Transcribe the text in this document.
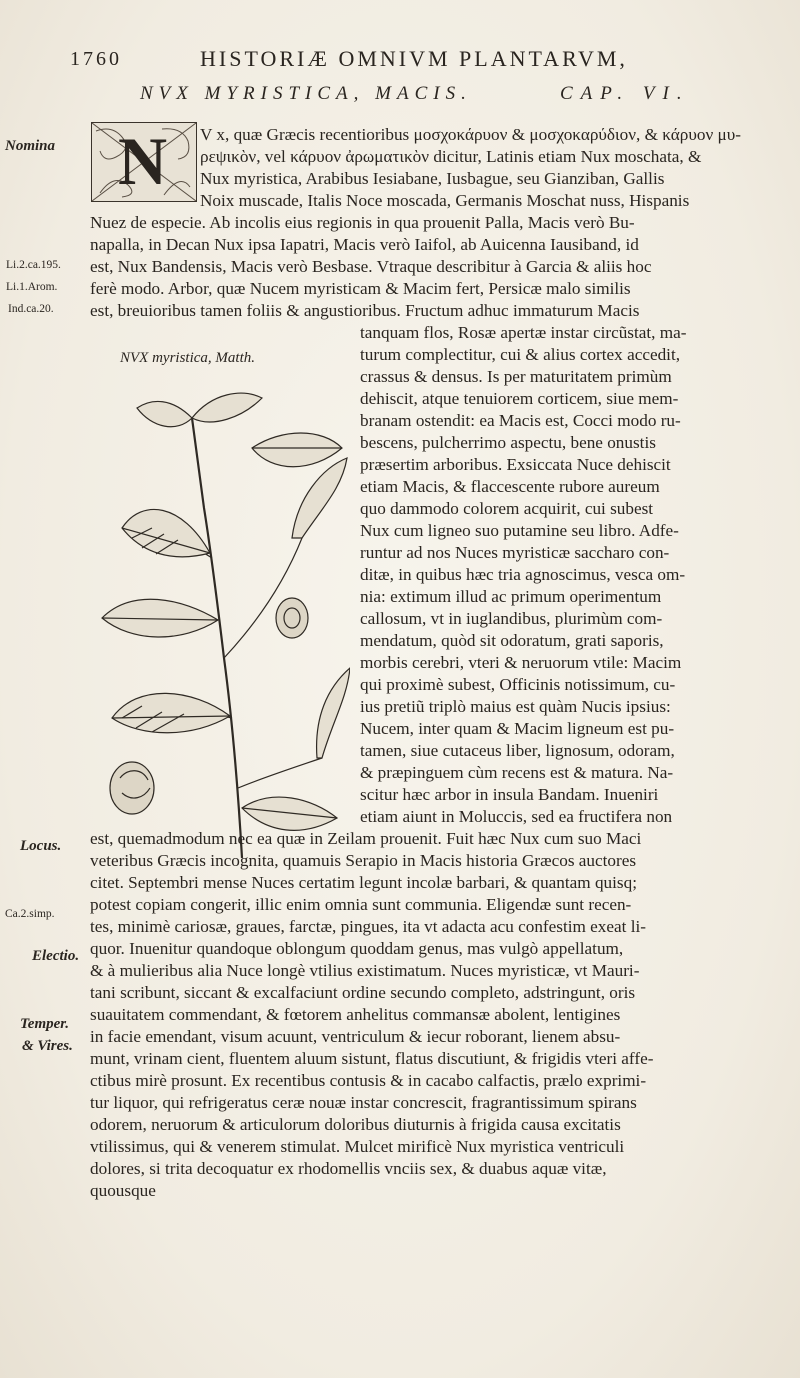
1760	HISTORIÆ OMNIVM PLANTARVM,
NVX MYRISTICA, MACIS.	CAP. VI.
Nomina
Li.2.ca.195.
Li.1.Arom.
Ind.ca.20.
Locus.
Ca.2.simp.
Electio.
Temper.
& Vires.
N
NVX myristica, Matth.
V x, quæ Græcis recentioribus μοσχοκάρυον & μοσχοκαρύδιον, & κάρυον μυ-
ρεψικὸν, vel κάρυον ἀρωματικὸν dicitur, Latinis etiam Nux moschata, &
Nux myristica, Arabibus Iesiabane, Iusbague, seu Gianziban, Gallis
Noix muscade, Italis Noce moscada, Germanis Moschat nuss, Hispanis
Nuez de especie. Ab incolis eius regionis in qua prouenit Palla, Macis verò Bu-
napalla, in Decan Nux ipsa Iapatri, Macis verò Iaifol, ab Auicenna Iausiband, id
est, Nux Bandensis, Macis verò Besbase. Vtraque describitur à Garcia & aliis hoc
ferè modo. Arbor, quæ Nucem myristicam & Macim fert, Persicæ malo similis
est, breuioribus tamen foliis & angustioribus. Fructum adhuc immaturum Macis
tanquam flos, Rosæ apertæ instar circũstat, ma-
turum complectitur, cui & alius cortex accedit,
crassus & densus. Is per maturitatem primùm
dehiscit, atque tenuiorem corticem, siue mem-
branam ostendit: ea Macis est, Cocci modo ru-
bescens, pulcherrimo aspectu, bene onustis
præsertim arboribus. Exsiccata Nuce dehiscit
etiam Macis, & flaccescente rubore aureum
quo dammodo colorem acquirit, cui subest
Nux cum ligneo suo putamine seu libro. Adfe-
runtur ad nos Nuces myristicæ saccharo con-
ditæ, in quibus hæc tria agnoscimus, vesca om-
nia: extimum illud ac primum operimentum
callosum, vt in iuglandibus, plurimùm com-
mendatum, quòd sit odoratum, grati saporis,
morbis cerebri, vteri & neruorum vtile: Macim
qui proximè subest, Officinis notissimum, cu-
ius pretiũ triplò maius est quàm Nucis ipsius:
Nucem, inter quam & Macim ligneum est pu-
tamen, siue cutaceus liber, lignosum, odoram,
& præpinguem cùm recens est & matura. Na-
scitur hæc arbor in insula Bandam. Inueniri
etiam aiunt in Moluccis, sed ea fructifera non
est, quemadmodum nec ea quæ in Zeilam prouenit. Fuit hæc Nux cum suo Maci
veteribus Græcis incognita, quamuis Serapio in Macis historia Græcos auctores
citet. Septembri mense Nuces certatim legunt incolæ barbari, & quantam quisq;
potest copiam congerit, illic enim omnia sunt communia. Eligendæ sunt recen-
tes, minimè cariosæ, graues, farctæ, pingues, ita vt adacta acu confestim exeat li-
quor. Inuenitur quandoque oblongum quoddam genus, mas vulgò appellatum,
& à mulieribus alia Nuce longè vtilius existimatum. Nuces myristicæ, vt Mauri-
tani scribunt, siccant & excalfaciunt ordine secundo completo, adstringunt, oris
suauitatem commendant, & fœtorem anhelitus commansæ abolent, lentigines
in facie emendant, visum acuunt, ventriculum & iecur roborant, lienem absu-
munt, vrinam cient, fluentem aluum sistunt, flatus discutiunt, & frigidis vteri affe-
ctibus mirè prosunt. Ex recentibus contusis & in cacabo calfactis, prælo exprimi-
tur liquor, qui refrigeratus ceræ nouæ instar concrescit, fragrantissimum spirans
odorem, neruorum & articulorum doloribus diuturnis à frigida causa excitatis
vtilissimus, qui & venerem stimulat. Mulcet mirificè Nux myristica ventriculi
dolores, si trita decoquatur ex rhodomellis vnciis sex, & duabus aquæ vitæ,
quousque
